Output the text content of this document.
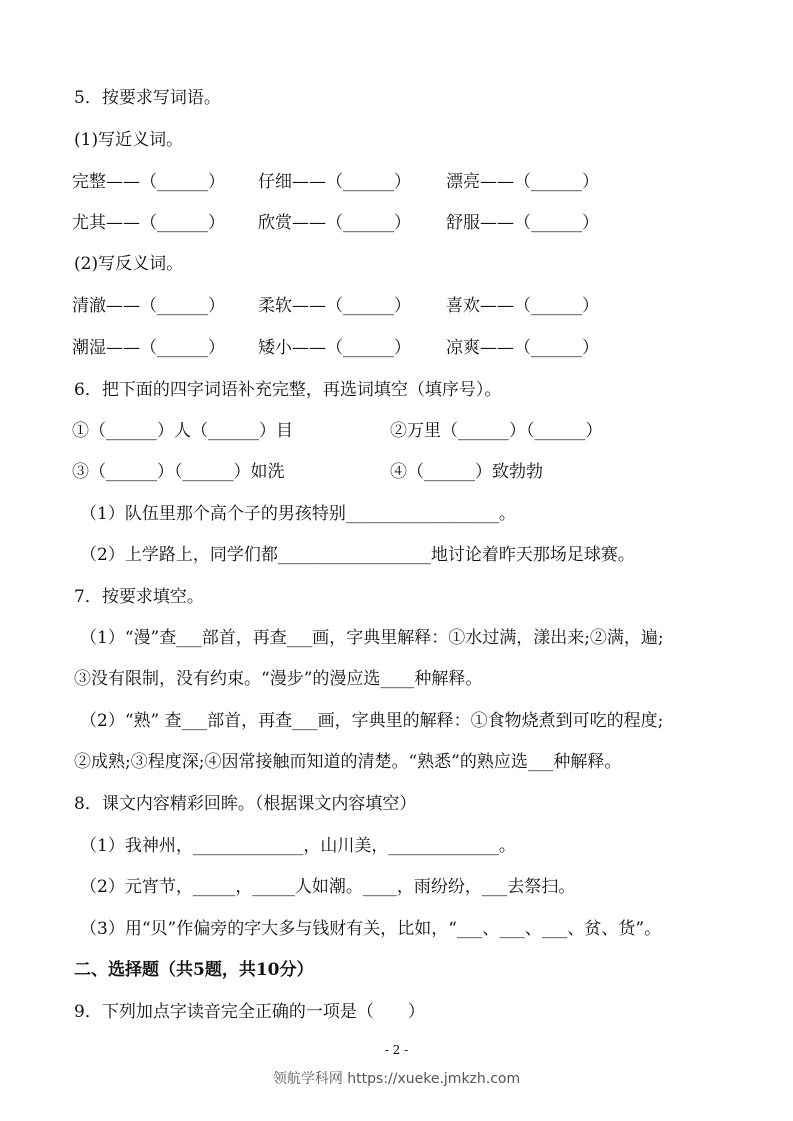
5．按要求写词语。
(1)写近义词。
完整——（______） 仔细——（______） 漂亮——（______）
尤其——（______） 欣赏——（______） 舒服——（______）
(2)写反义词。
清澈——（______） 柔软——（______） 喜欢——（______）
潮湿——（______） 矮小——（______） 凉爽——（______）
6．把下面的四字词语补充完整，再选词填空（填序号）。
①（______）人（______）目	②万里（______）（______）
③（______）（______）如洗	④（______）致勃勃
（1）队伍里那个高个子的男孩特别__________________。
（2）上学路上，同学们都__________________地讨论着昨天那场足球赛。
7．按要求填空。
（1）“漫”查___部首，再查___画，字典里解释：①水过满，漾出来;②满，遍;
③没有限制，没有约束。“漫步”的漫应选____种解释。
（2）“熟” 查___部首，再查___画，字典里的解释：①食物烧煮到可吃的程度;
②成熟;③程度深;④因常接触而知道的清楚。“熟悉”的熟应选___种解释。
8．课文内容精彩回眸。（根据课文内容填空）
（1）我神州，_____________，山川美，_____________。
（2）元宵节，_____，_____人如潮。____，雨纷纷，___去祭扫。
（3）用“贝”作偏旁的字大多与钱财有关，比如，“___、___、___、贫、货”。
二、选择题（共5题，共10分）
9．下列加点字读音完全正确的一项是（　　）
- 2 -
领航学科网 https://xueke.jmkzh.com
